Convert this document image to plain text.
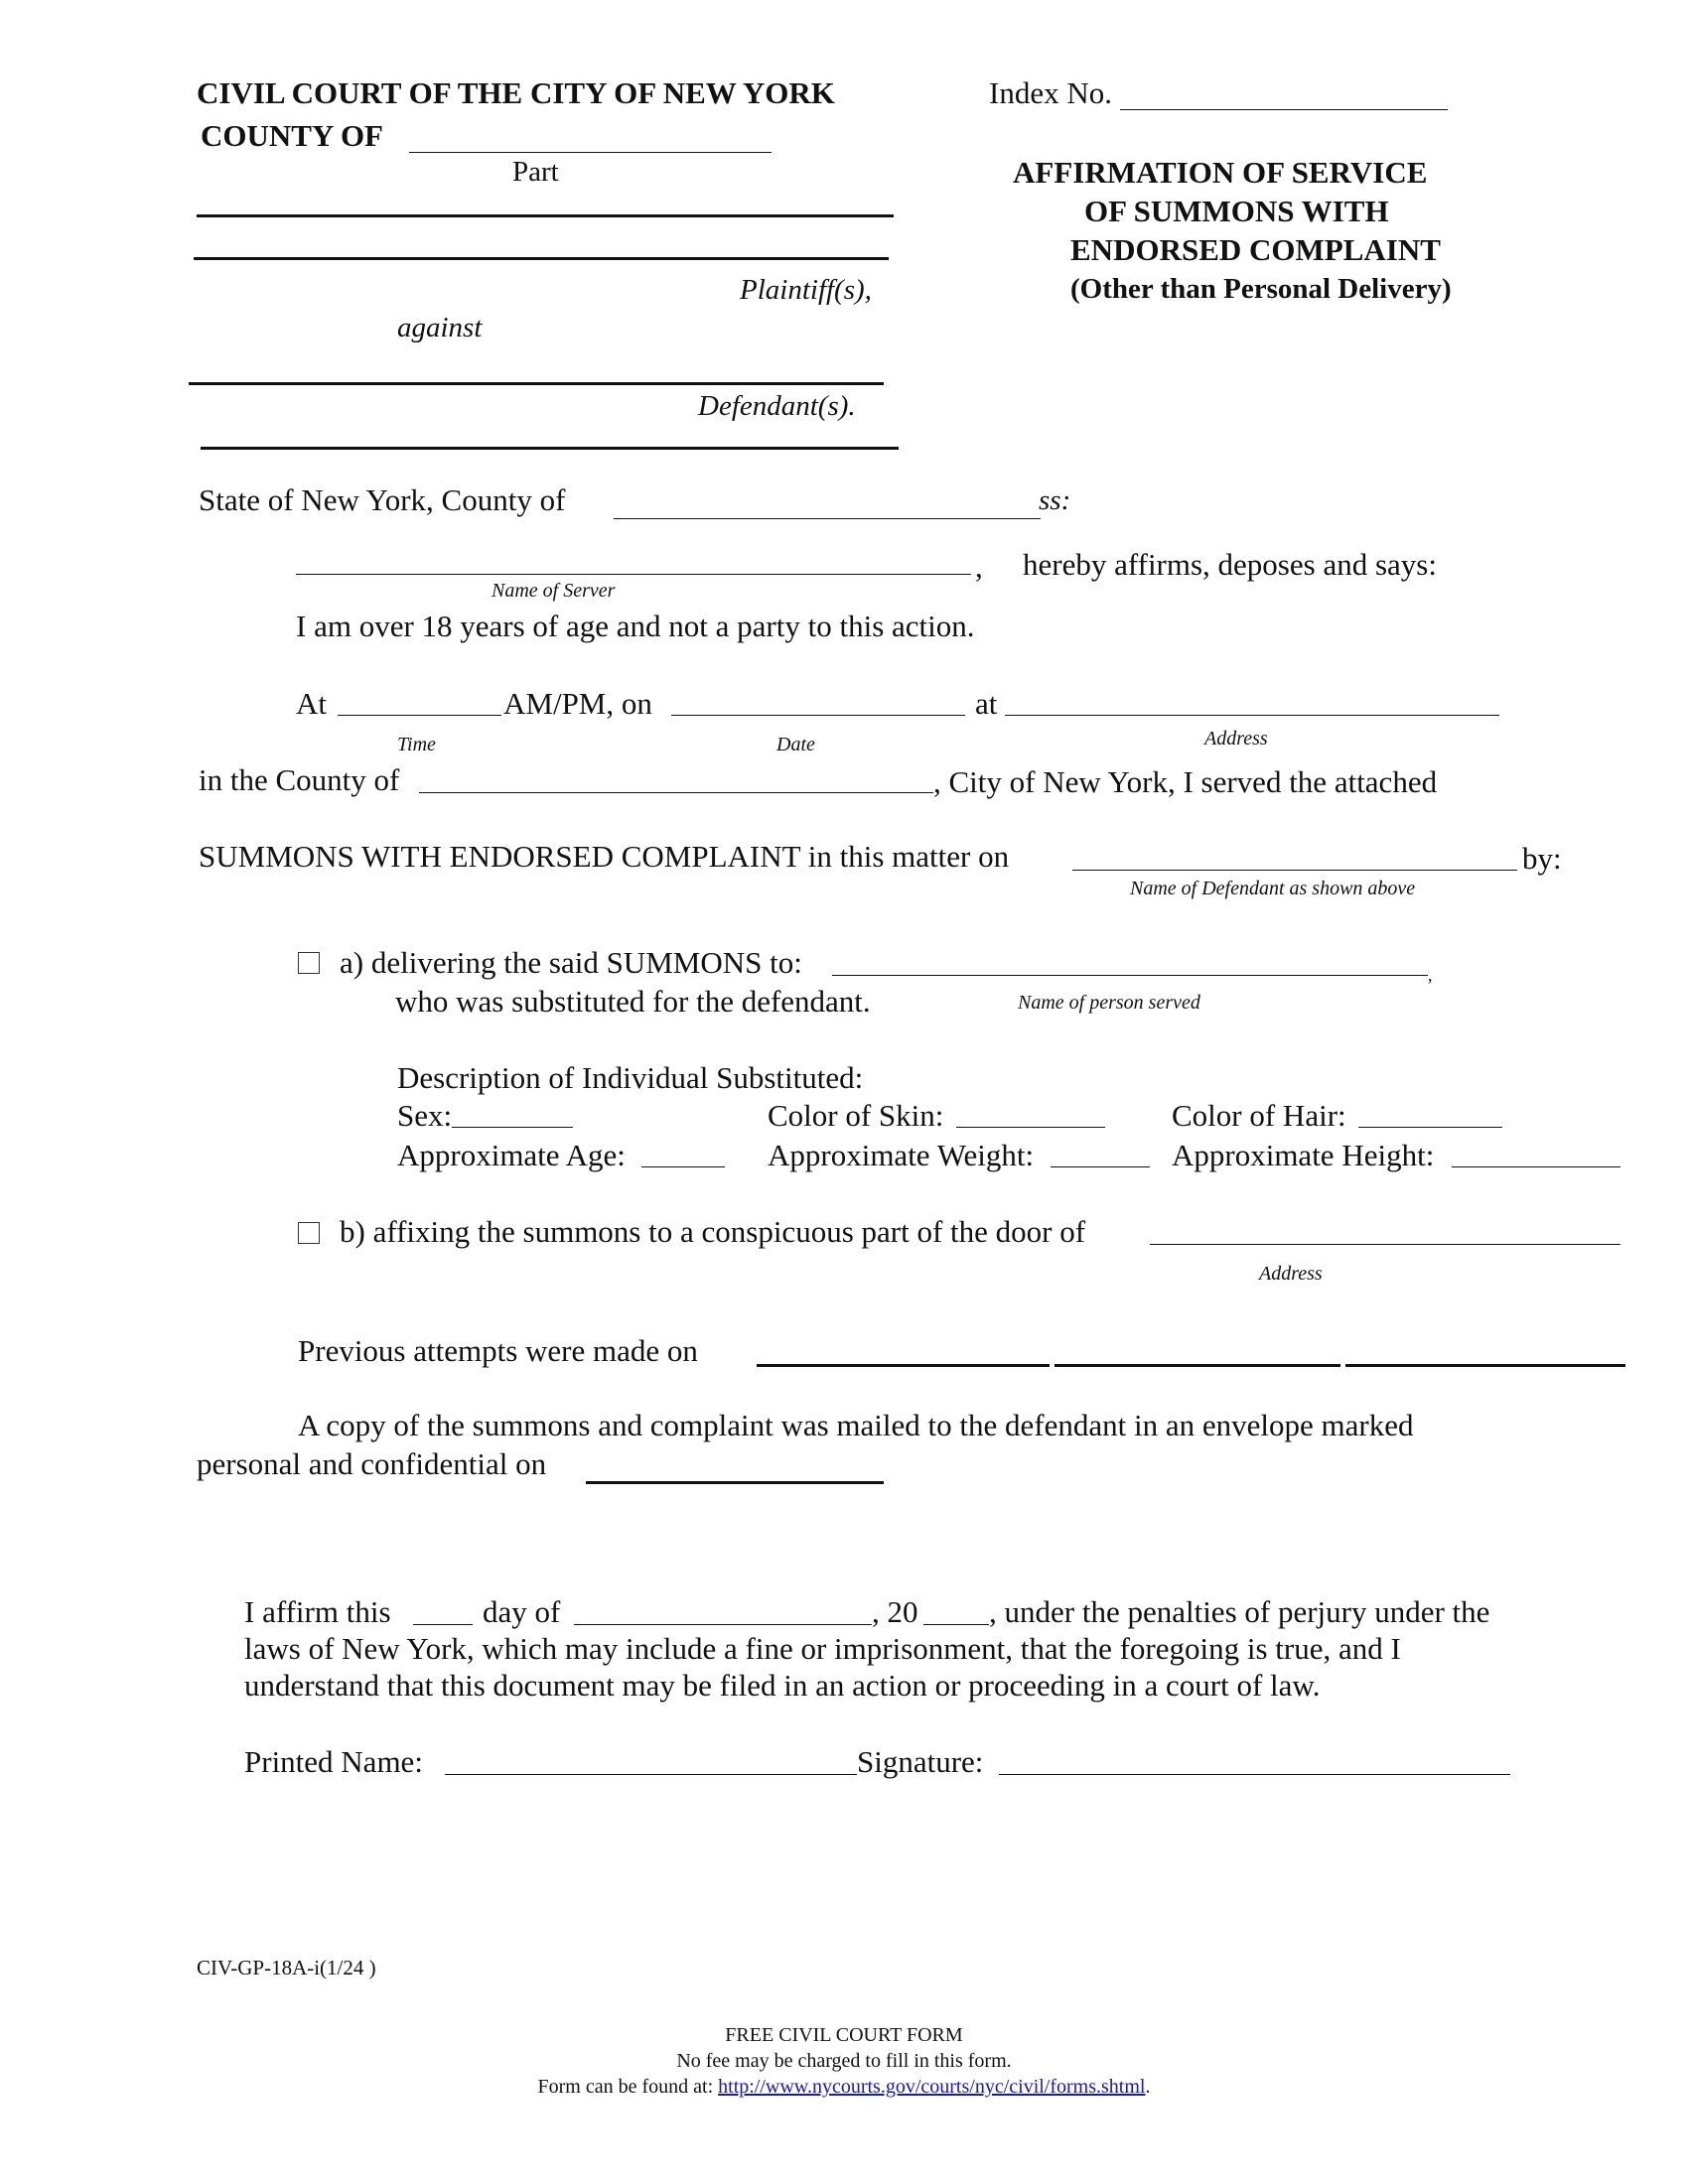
CIVIL COURT OF THE CITY OF NEW YORK
COUNTY OF
Part
Index No.
AFFIRMATION OF SERVICE
OF SUMMONS WITH
ENDORSED COMPLAINT
(Other than Personal Delivery)
Plaintiff(s),
against
Defendant(s).
State of New York, County of	ss:
, hereby affirms, deposes and says:
Name of Server
I am over 18 years of age and not a party to this action.
At	AM/PM, on	at
Time	Date	Address
in the County of	, City of New York, I served the attached
SUMMONS WITH ENDORSED COMPLAINT in this matter on	by:
Name of Defendant as shown above
a) delivering the said SUMMONS to:	,
who was substituted for the defendant.	Name of person served
Description of Individual Substituted:
Sex:	Color of Skin:	Color of Hair:
Approximate Age:	Approximate Weight:	Approximate Height:
b) affixing the summons to a conspicuous part of the door of
Address
Previous attempts were made on
A copy of the summons and complaint was mailed to the defendant in an envelope marked
personal and confidential on
I affirm this	day of	, 20 , under the penalties of perjury under the
laws of New York, which may include a fine or imprisonment, that the foregoing is true, and I
understand that this document may be filed in an action or proceeding in a court of law.
Printed Name:	Signature:
CIV-GP-18A-i(1/24 )
FREE CIVIL COURT FORM
No fee may be charged to fill in this form.
Form can be found at: http://www.nycourts.gov/courts/nyc/civil/forms.shtml.
